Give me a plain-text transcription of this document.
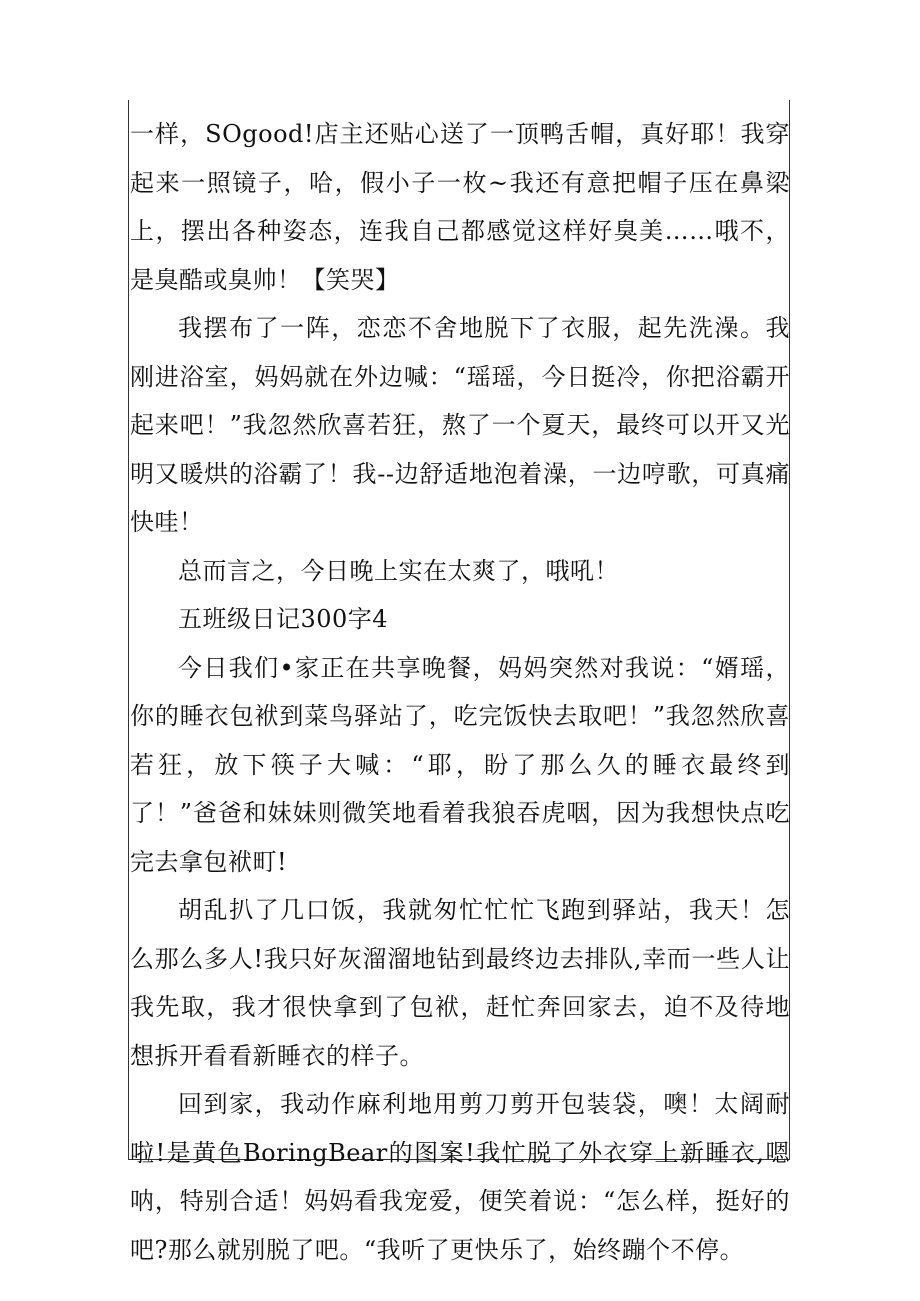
一样，SOgood!店主还贴心送了一顶鸭舌帽，真好耶！我穿起来一照镜子，哈，假小子一枚~我还有意把帽子压在鼻梁上，摆出各种姿态，连我自己都感觉这样好臭美……哦不，是臭酷或臭帅！【笑哭】

我摆布了一阵，恋恋不舍地脱下了衣服，起先洗澡。我刚进浴室，妈妈就在外边喊：“瑶瑶，今日挺冷，你把浴霸开起来吧！”我忽然欣喜若狂，熬了一个夏天，最终可以开又光明又暖烘的浴霸了！我--边舒适地泡着澡，一边哼歌，可真痛快哇！

总而言之，今日晚上实在太爽了，哦吼！

五班级日记300字4

今日我们•家正在共享晚餐，妈妈突然对我说：“婿瑶，你的睡衣包袱到菜鸟驿站了，吃完饭快去取吧！”我忽然欣喜若狂，放下筷子大喊：“耶，盼了那么久的睡衣最终到了！”爸爸和妹妹则微笑地看着我狼吞虎咽，因为我想快点吃完去拿包袱町!

胡乱扒了几口饭，我就匆忙忙忙飞跑到驿站，我天！怎么那么多人!我只好灰溜溜地钻到最终边去排队,幸而一些人让我先取，我才很快拿到了包袱，赶忙奔回家去，迫不及待地想拆开看看新睡衣的样子。

回到家，我动作麻利地用剪刀剪开包装袋，噢！太阔耐啦!是黄色BoringBear的图案!我忙脱了外衣穿上新睡衣,嗯呐，特别合适！妈妈看我宠爱，便笑着说：“怎么样，挺好的吧?那么就别脱了吧。“我听了更快乐了，始终蹦个不停。
